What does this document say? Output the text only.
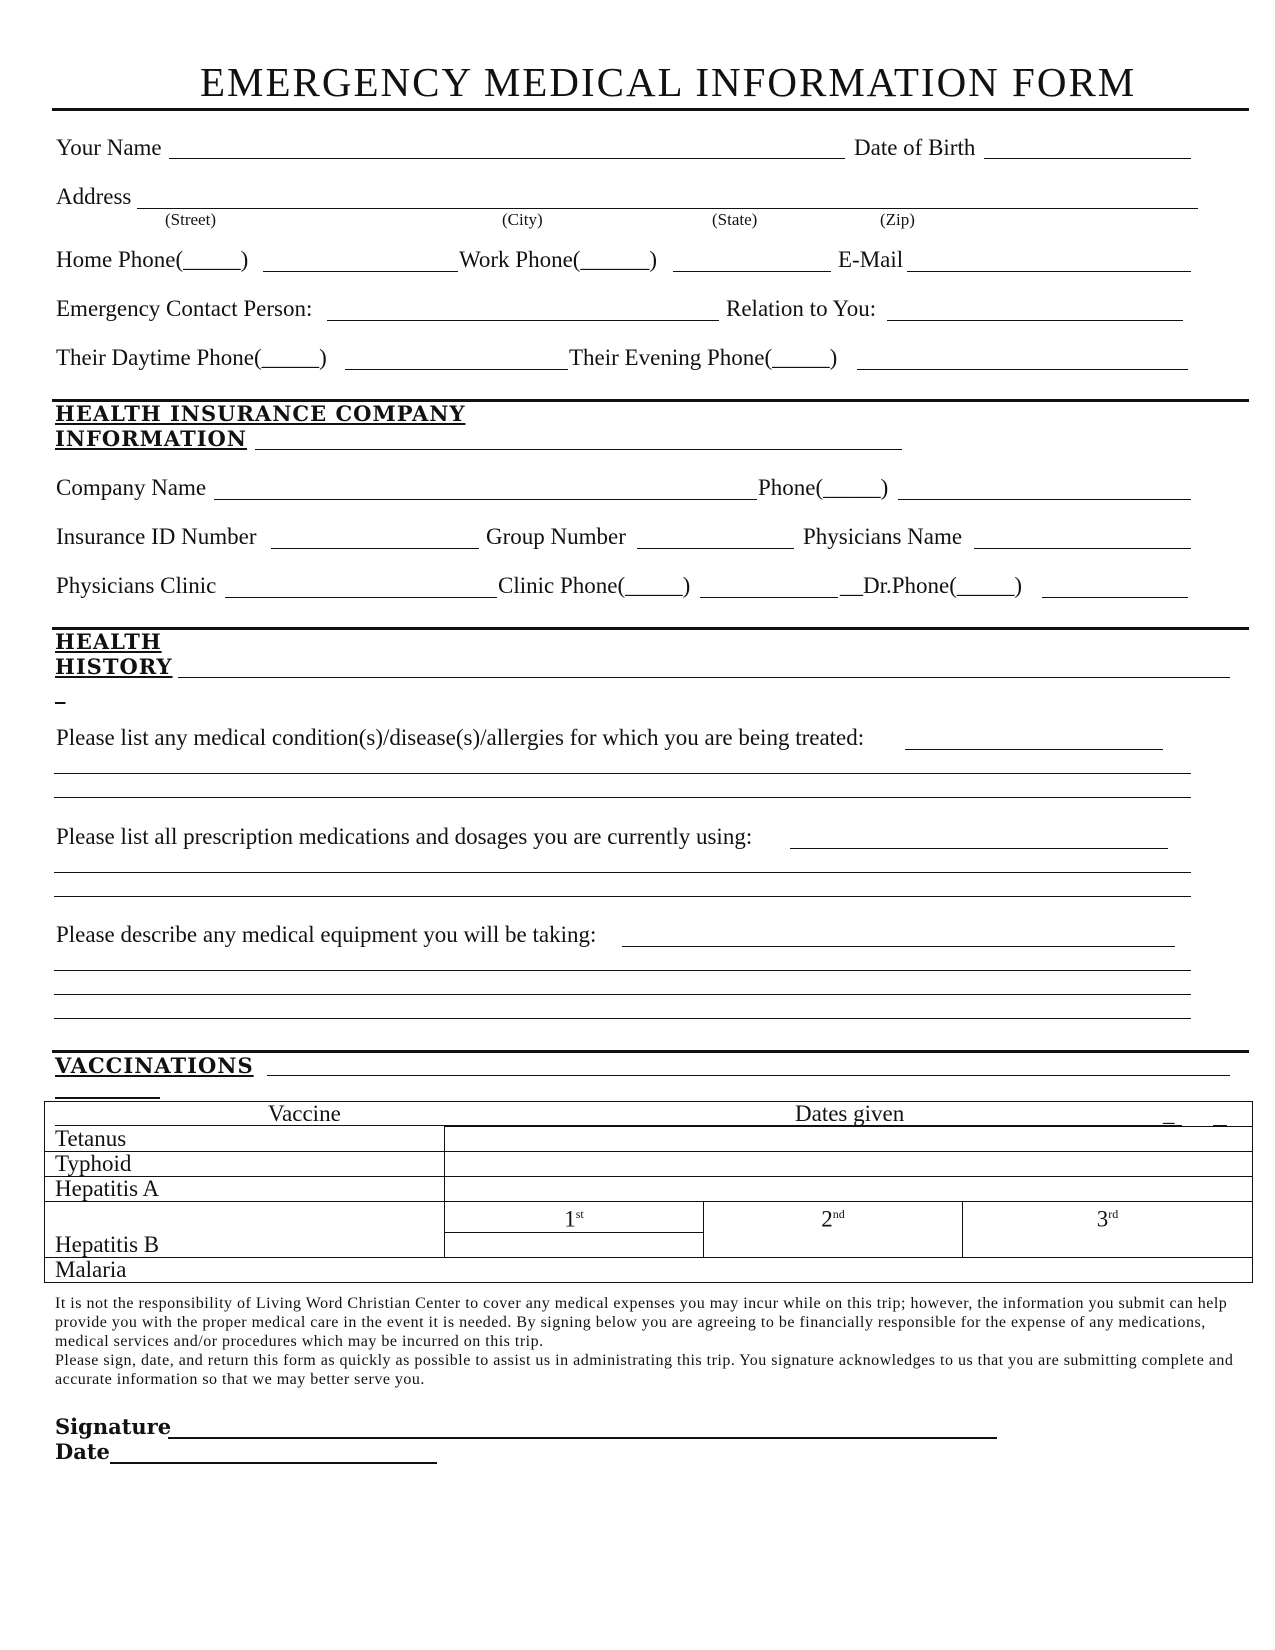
EMERGENCY MEDICAL INFORMATION FORM
Your Name	Date of Birth
Address
(Street)	(City)	(State)	(Zip)
Home Phone(_____)	Work Phone(______)	E-Mail
Emergency Contact Person:	Relation to You:
Their Daytime Phone(_____)	Their Evening Phone(_____)
HEALTH INSURANCE COMPANY
INFORMATION
Company Name	Phone(_____)
Insurance ID Number	Group Number	Physicians Name
Physicians Clinic	Clinic Phone(_____)	__Dr.Phone(_____)
HEALTH
HISTORY
_
Please list any medical condition(s)/disease(s)/allergies for which you are being treated:
Please list all prescription medications and dosages you are currently using:
Please describe any medical equipment you will be taking:
VACCINATIONS
__________
Vaccine Dates given _			

Tetanus			
Typhoid			
Hepatitis A			
Hepatitis B	1st	2nd	3rd

Malaria			
It is not the responsibility of Living Word Christian Center to cover any medical expenses you may incur while on this trip; however, the information you submit can help provide you with the proper medical care in the event it is needed. By signing below you are agreeing to be financially responsible for the expense of any medications, medical services and/or procedures which may be incurred on this trip.
Please sign, date, and return this form as quickly as possible to assist us in administrating this trip. You signature acknowledges to us that you are submitting complete and accurate information so that we may better serve you.
Signature
Date
